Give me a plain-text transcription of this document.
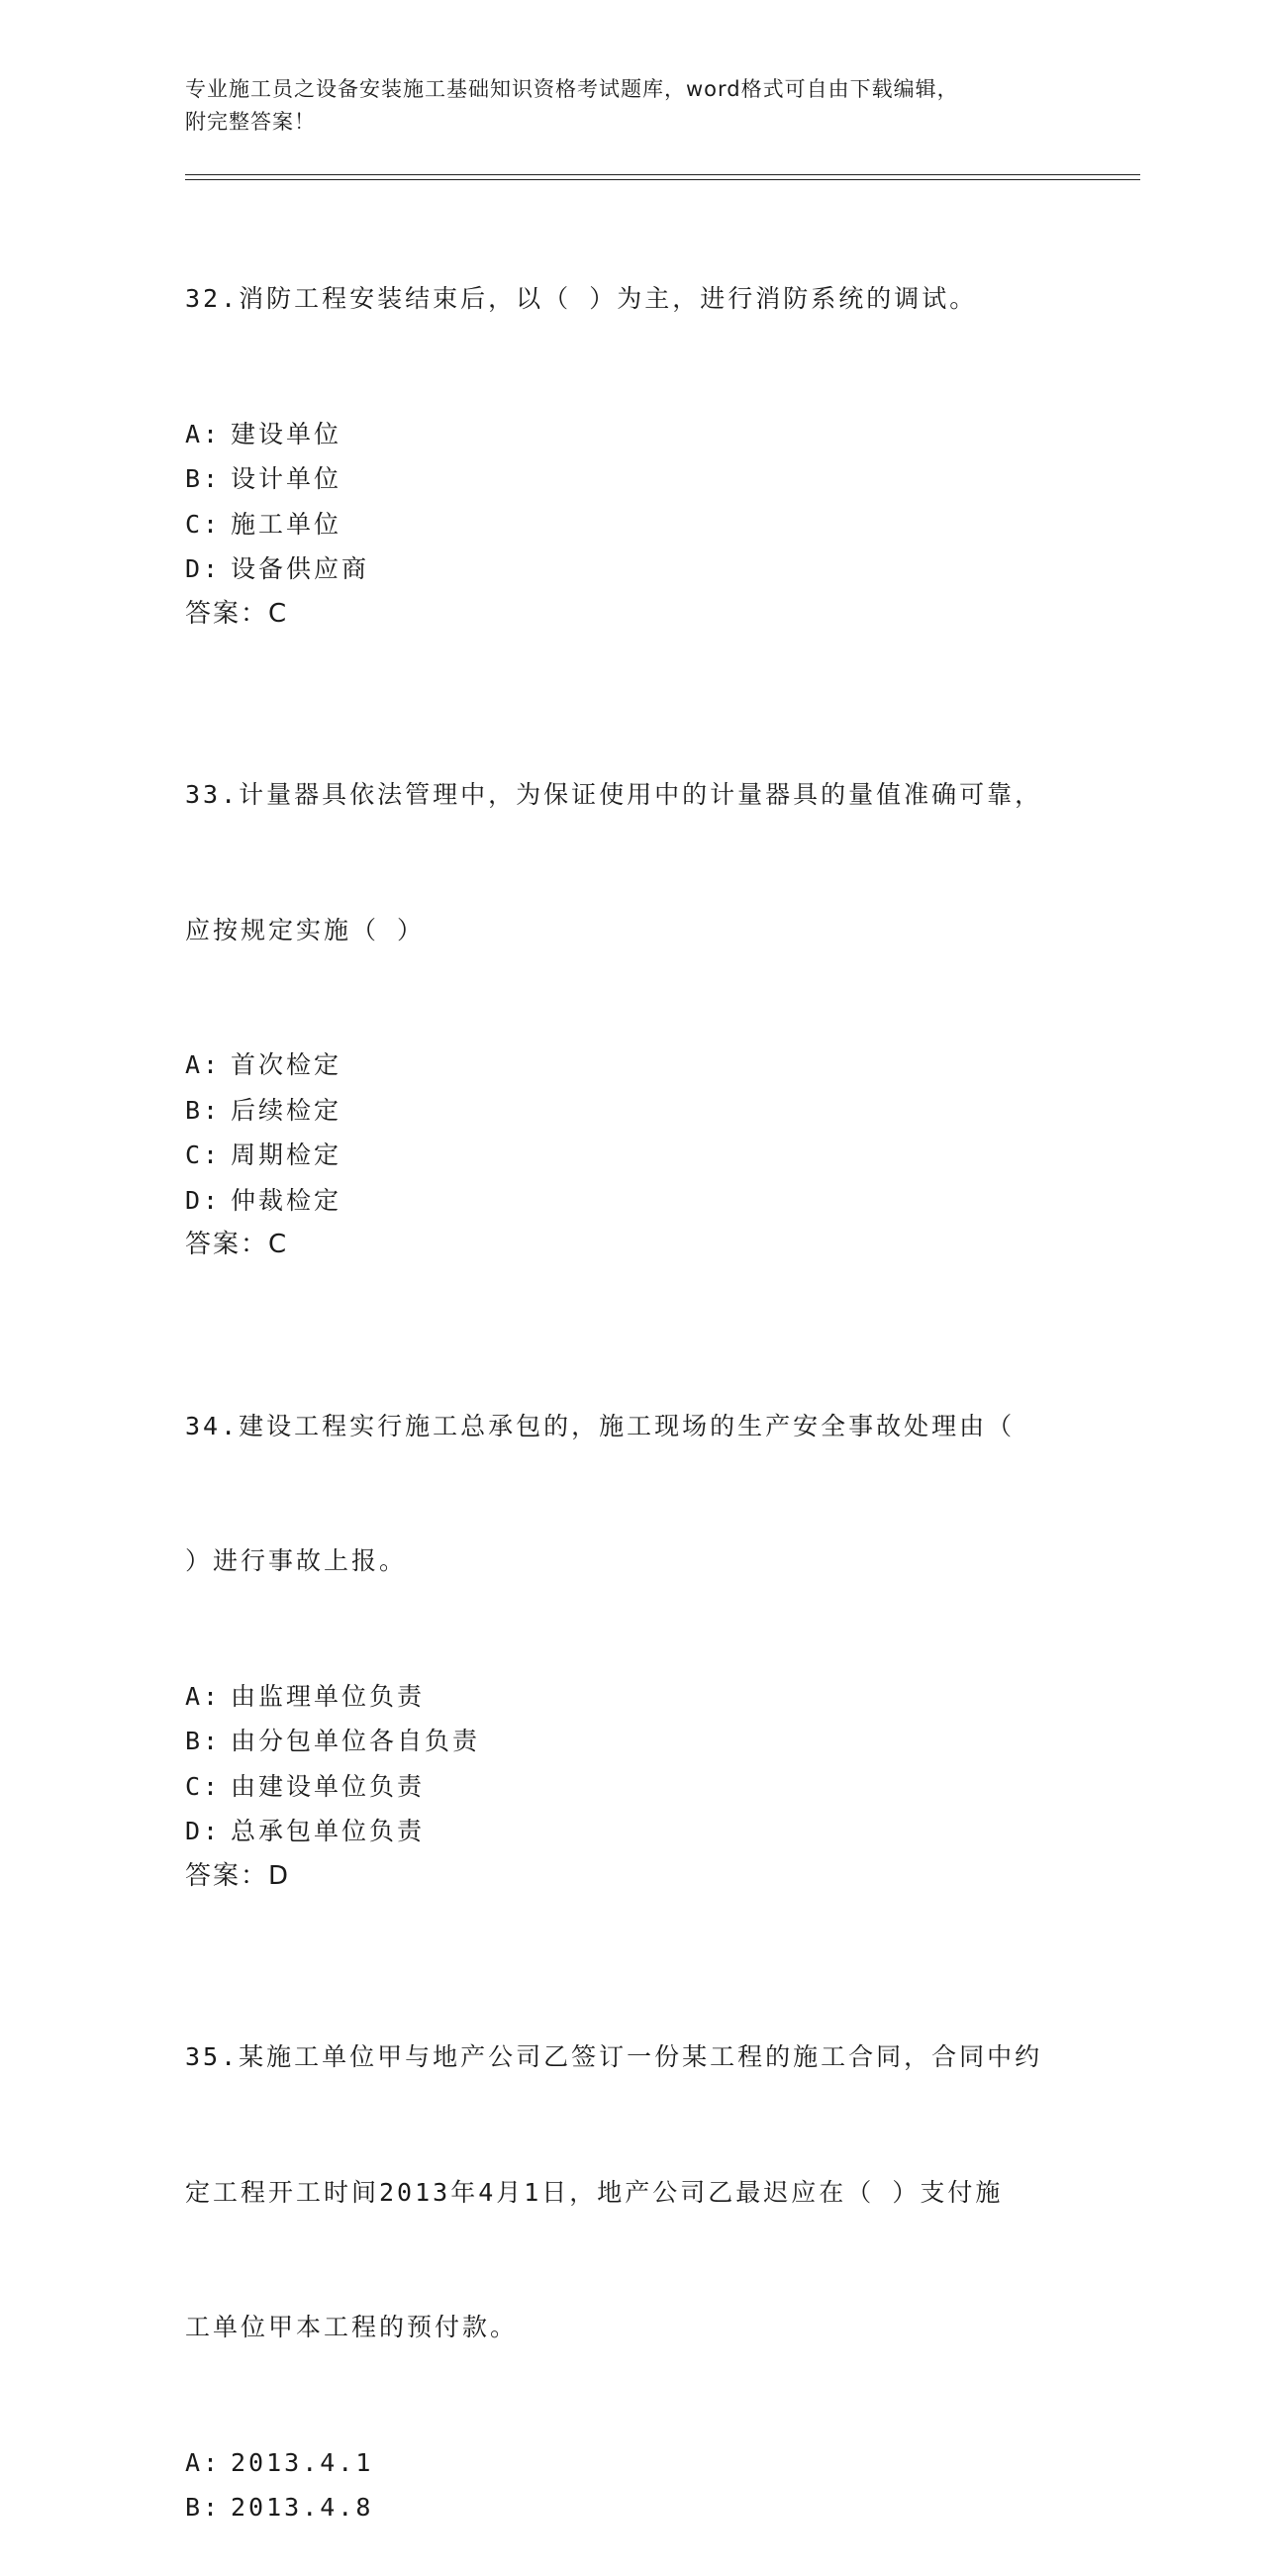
专业施工员之设备安装施工基础知识资格考试题库，word格式可自由下载编辑，
附完整答案！

32.消防工程安装结束后，以（ ）为主，进行消防系统的调试。

A: 建设单位
B: 设计单位
C: 施工单位
D: 设备供应商
答案：C

33.计量器具依法管理中，为保证使用中的计量器具的量值准确可靠，

应按规定实施（ ）

A: 首次检定
B: 后续检定
C: 周期检定
D: 仲裁检定
答案：C

34.建设工程实行施工总承包的，施工现场的生产安全事故处理由（

）进行事故上报。

A: 由监理单位负责
B: 由分包单位各自负责
C: 由建设单位负责
D: 总承包单位负责
答案：D

35.某施工单位甲与地产公司乙签订一份某工程的施工合同，合同中约

定工程开工时间2013年4月1日，地产公司乙最迟应在（ ）支付施

工单位甲本工程的预付款。

A: 2013.4.1
B: 2013.4.8
